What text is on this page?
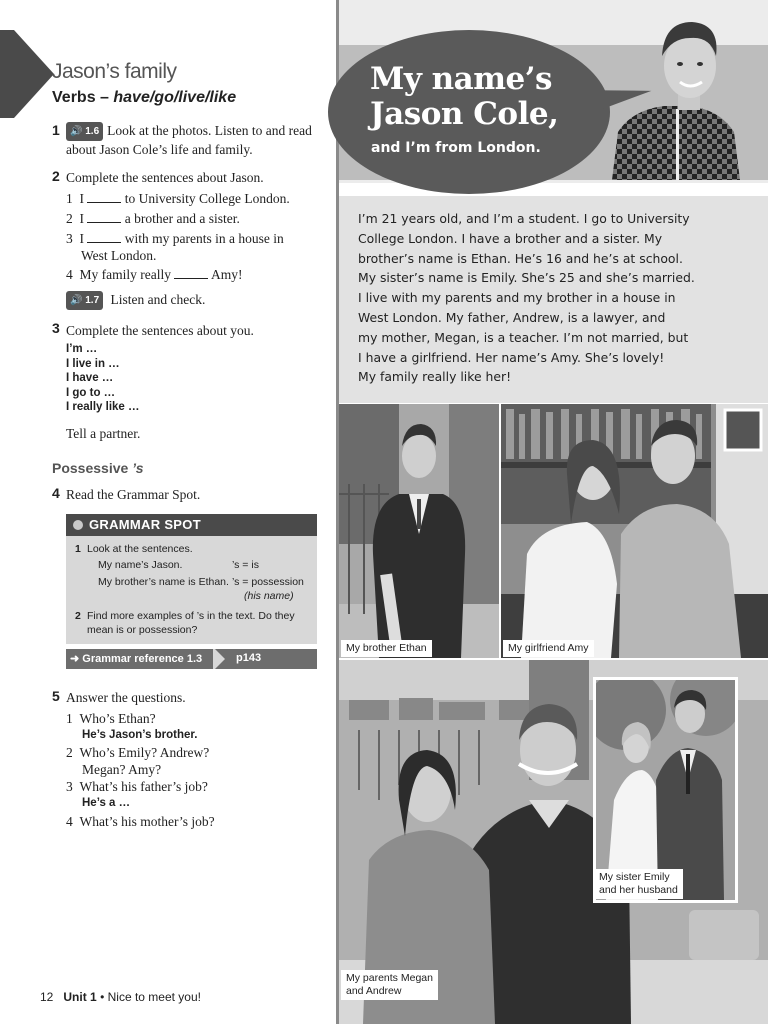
Jason’s family
Verbs – have/go/live/like
1	🔊 1.6 Look at the photos. Listen to and read
about Jason Cole’s life and family.
2 Complete the sentences about Jason.
1 I	to University College London.
2 I	a brother and a sister.
3 I	with my parents in a house in
West London.
4 My family really	Amy!
🔊 1.7 Listen and check.
3 Complete the sentences about you.
I’m …
I live in …
I have …
I go to …
I really like …
Tell a partner.
Possessive ’s
4 Read the Grammar Spot.
GRAMMAR SPOT
1 Look at the sentences.
My name’s Jason.	’s = is
My brother’s name is Ethan. ’s = possession
(his name)
2 Find more examples of ’s in the text. Do they
mean is or possession?
➜ Grammar reference 1.3	p143
5 Answer the questions.
1 Who’s Ethan?
He’s Jason’s brother.
2 Who’s Emily? Andrew?
Megan? Amy?
3 What’s his father’s job?
He’s a …
4 What’s his mother’s job?
12 Unit 1 • Nice to meet you!
My name’s
Jason Cole,
and I’m from London.
I’m 21 years old, and I’m a student. I go to University
College London. I have a brother and a sister. My
brother’s name is Ethan. He’s 16 and he’s at school.
My sister’s name is Emily. She’s 25 and she’s married.
I live with my parents and my brother in a house in
West London. My father, Andrew, is a lawyer, and
my mother, Megan, is a teacher. I’m not married, but
I have a girlfriend. Her name’s Amy. She’s lovely!
My family really like her!
My brother Ethan	My girlfriend Amy
My sister Emily
and her husband
My parents Megan
and Andrew
